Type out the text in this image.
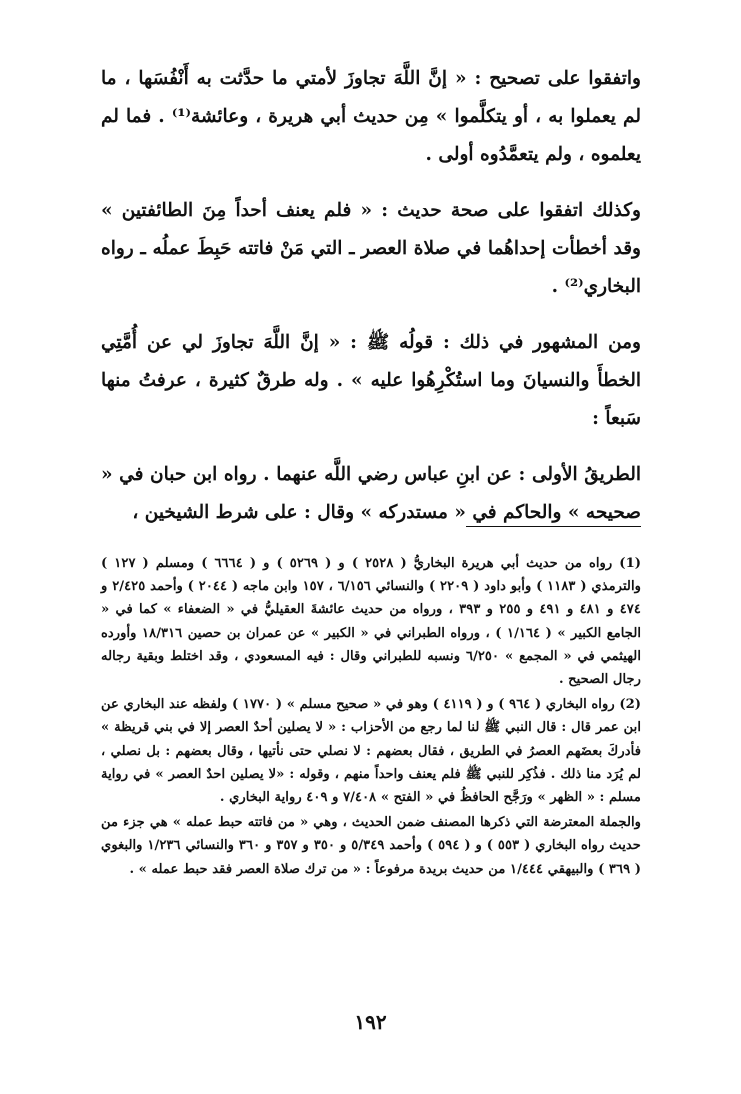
واتفقوا على تصحيح : « إنَّ اللَّهَ تجاوزَ لأمتي ما حدَّثت به أَنْفُسَها ، ما لم يعملوا به ، أو يتكلَّموا » مِن حديث أبي هريرة ، وعائشة⁽¹⁾ . فما لم يعلموه ، ولم يتعمَّدُوه أولى .

وكذلك اتفقوا على صحة حديث : « فلم يعنف أحداً مِنَ الطائفتين » وقد أخطأت إحداهُما في صلاة العصر ـ التي مَنْ فاتته حَبِطَ عملُه ـ رواه البخاري⁽²⁾ .

ومن المشهور في ذلك : قولُه ﷺ : « إنَّ اللَّهَ تجاوزَ لي عن أُمَّتِي الخطأَ والنسيانَ وما استُكْرِهُوا عليه » . وله طرقٌ كثيرة ، عرفتُ منها سَبعاً :

الطريقُ الأولى : عن ابنِ عباس رضي اللَّه عنهما . رواه ابن حبان في « صحيحه » والحاكم في « مستدركه » وقال : على شرط الشيخين ،

(1) رواه من حديث أبي هريرة البخاريُّ ( ٢٥٢٨ ) و ( ٥٢٦٩ ) و ( ٦٦٦٤ ) ومسلم ( ١٢٧ ) والترمذي ( ١١٨٣ ) وأبو داود ( ٢٢٠٩ ) والنسائي ٦/١٥٦ ، ١٥٧ وابن ماجه ( ٢٠٤٤ ) وأحمد ٢/٤٢٥ و ٤٧٤ و ٤٨١ و ٤٩١ و ٢٥٥ و ٣٩٣ ، ورواه من حديث عائشةَ العقيليُّ في « الضعفاء » كما في « الجامع الكبير » ( ١/١٦٤ ) ، ورواه الطبراني في « الكبير » عن عمران بن حصين ١٨/٣١٦ وأورده الهيثمي في « المجمع » ٦/٢٥٠ ونسبه للطبراني وقال : فيه المسعودي ، وقد اختلط وبقية رجاله رجال الصحيح .

(2) رواه البخاري ( ٩٦٤ ) و ( ٤١١٩ ) وهو في « صحيح مسلم » ( ١٧٧٠ ) ولفظه عند البخاري عن ابن عمر قال : قال النبي ﷺ لنا لما رجع من الأحزاب : « لا يصلين أحدٌ العصر إلا في بني قريظة » فأدركَ بعضَهم العصرُ في الطريق ، فقال بعضهم : لا نصلي حتى نأتيها ، وقال بعضهم : بل نصلي ، لم يُرَد منا ذلك . فذُكِر للنبي ﷺ فلم يعنف واحداً منهم ، وقوله : «لا يصلين احدٌ العصر » في رواية مسلم : « الظهر » ورَجَّح الحافظُ في « الفتح » ٧/٤٠٨ و ٤٠٩ رواية البخاري .

والجملة المعترضة التي ذكرها المصنف ضمن الحديث ، وهي « من فاتته حبط عمله » هي جزء من حديث رواه البخاري ( ٥٥٣ ) و ( ٥٩٤ ) وأحمد ٥/٣٤٩ و ٣٥٠ و ٣٥٧ و ٣٦٠ والنسائي ١/٢٣٦ والبغوي ( ٣٦٩ ) والبيهقي ١/٤٤٤ من حديث بريدة مرفوعاً : « من ترك صلاة العصر فقد حبط عمله » .

١٩٢
